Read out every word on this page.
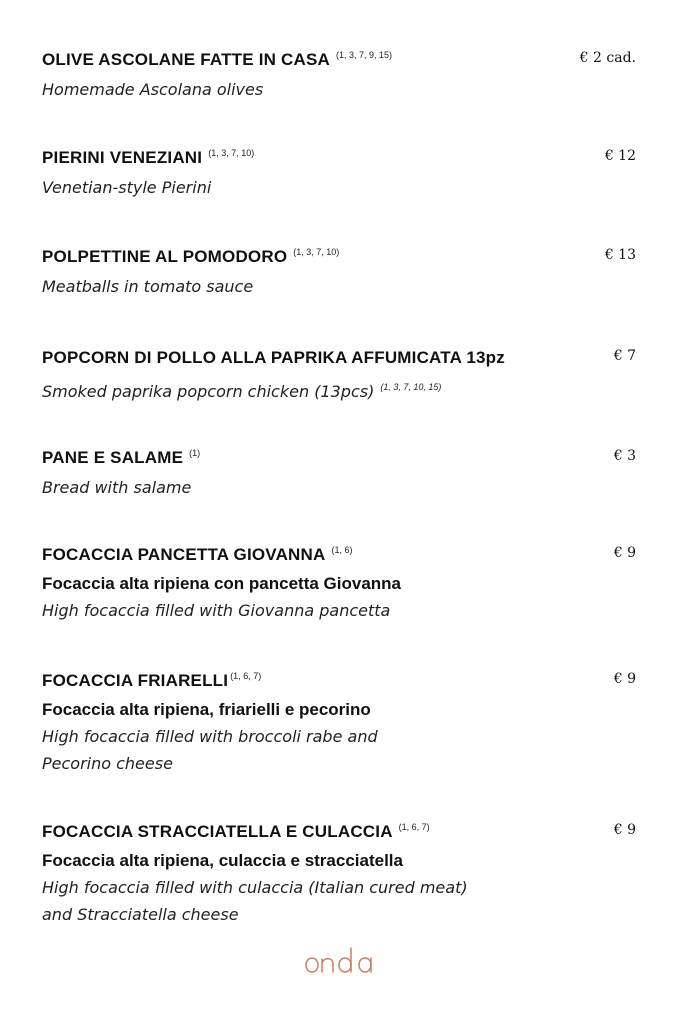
OLIVE ASCOLANE FATTE IN CASA $^{(1, 3, 7, 9, 15)}$	€ 2 cad.
Homemade Ascolana olives
PIERINI VENEZIANI $^{(1, 3, 7, 10)}$	€ 12
Venetian-style Pierini
POLPETTINE AL POMODORO $^{(1, 3, 7, 10)}$	€ 13
Meatballs in tomato sauce
POPCORN DI POLLO ALLA PAPRIKA AFFUMICATA 13pz	€ 7
Smoked paprika popcorn chicken (13pcs) $^{(1, 3, 7, 10, 15)}$
PANE E SALAME $^{(1)}$	€ 3
Bread with salame
FOCACCIA PANCETTA GIOVANNA $^{(1, 6)}$	€ 9
Focaccia alta ripiena con pancetta Giovanna
High focaccia filled with Giovanna pancetta
FOCACCIA FRIARELLI $^{(1, 6, 7)}$	€ 9
Focaccia alta ripiena, friarielli e pecorino
High focaccia filled with broccoli rabe and
Pecorino cheese
FOCACCIA STRACCIATELLA E CULACCIA $^{(1, 6, 7)}$	€ 9
Focaccia alta ripiena, culaccia e stracciatella
High focaccia filled with culaccia (Italian cured meat)
and Stracciatella cheese
